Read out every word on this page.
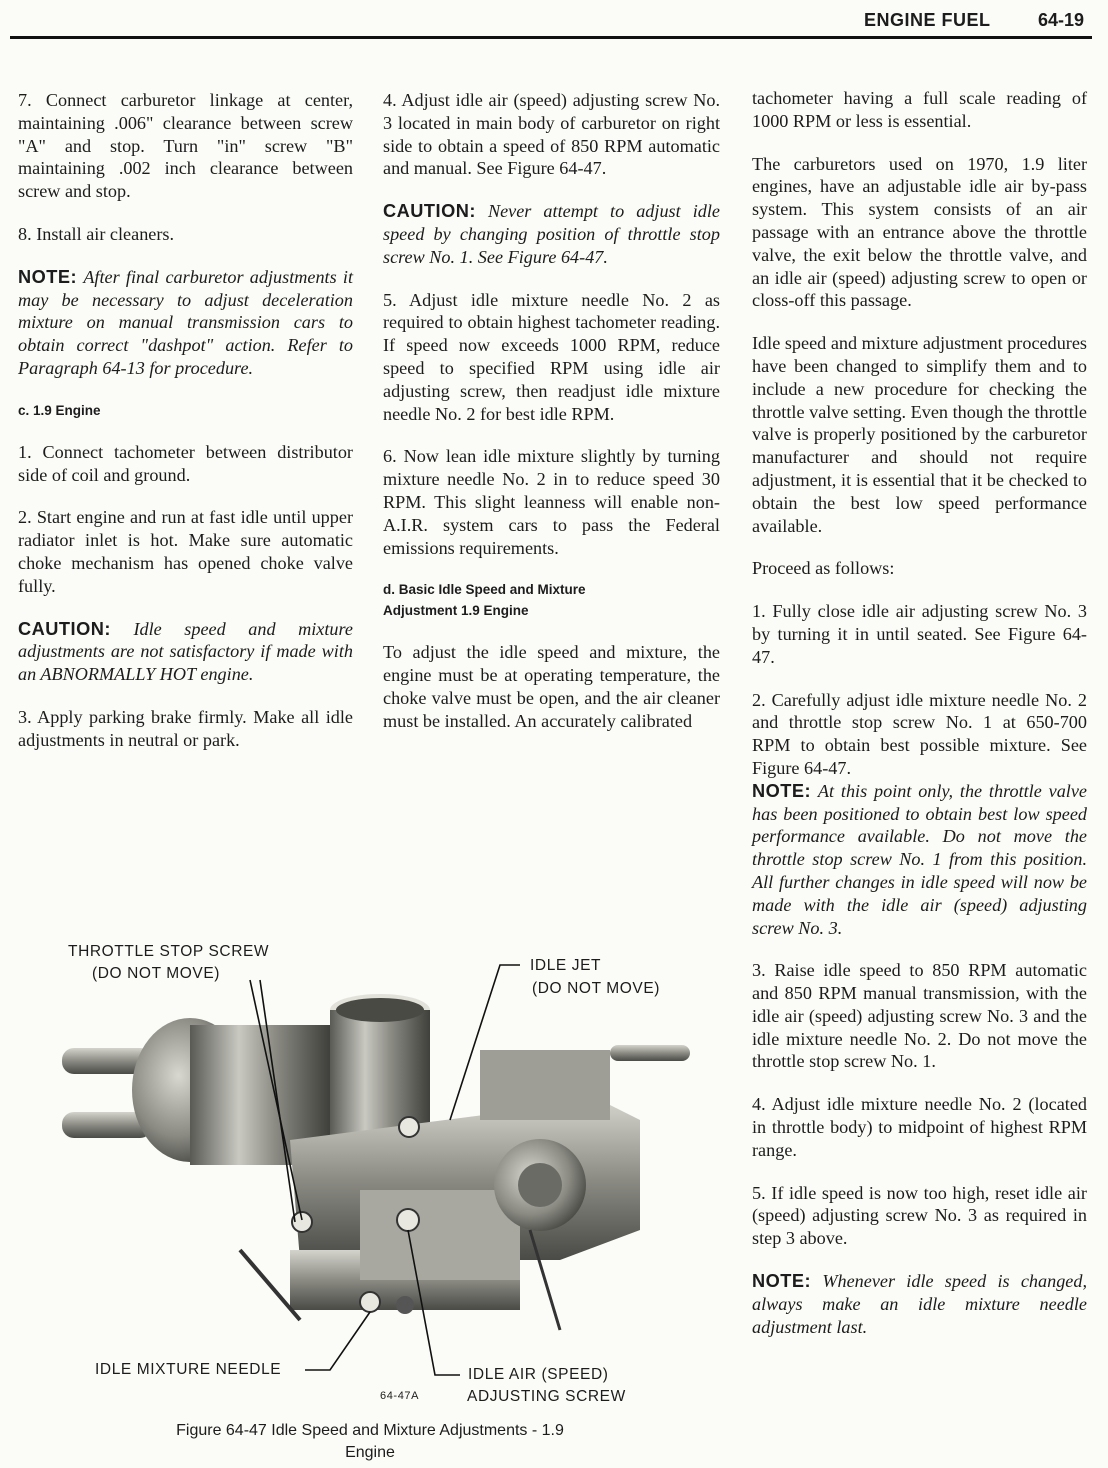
ENGINE FUEL	64-19

7. Connect carburetor linkage at center, maintaining .006" clearance between screw "A" and stop. Turn "in" screw "B" maintaining .002 inch clearance between screw and stop.

8. Install air cleaners.

NOTE: After final carburetor adjustments it may be necessary to adjust deceleration mixture on manual transmission cars to obtain correct "dashpot" action. Refer to Paragraph 64-13 for procedure.

c. 1.9 Engine

1. Connect tachometer between distributor side of coil and ground.

2. Start engine and run at fast idle until upper radiator inlet is hot. Make sure automatic choke mechanism has opened choke valve fully.

CAUTION: Idle speed and mixture adjustments are not satisfactory if made with an ABNORMALLY HOT engine.

3. Apply parking brake firmly. Make all idle adjustments in neutral or park.

4. Adjust idle air (speed) adjusting screw No. 3 located in main body of carburetor on right side to obtain a speed of 850 RPM automatic and manual. See Figure 64-47.

CAUTION: Never attempt to adjust idle speed by changing position of throttle stop screw No. 1. See Figure 64-47.

5. Adjust idle mixture needle No. 2 as required to obtain highest tachometer reading. If speed now exceeds 1000 RPM, reduce speed to specified RPM using idle air adjusting screw, then readjust idle mixture needle No. 2 for best idle RPM.

6. Now lean idle mixture slightly by turning mixture needle No. 2 in to reduce speed 30 RPM. This slight leanness will enable non-A.I.R. system cars to pass the Federal emissions requirements.

d. Basic Idle Speed and Mixture
Adjustment 1.9 Engine

To adjust the idle speed and mixture, the engine must be at operating temperature, the choke valve must be open, and the air cleaner must be installed. An accurately calibrated

tachometer having a full scale reading of 1000 RPM or less is essential.

The carburetors used on 1970, 1.9 liter engines, have an adjustable idle air by-pass system. This system consists of an air passage with an entrance above the throttle valve, the exit below the throttle valve, and an idle air (speed) adjusting screw to open or closs-off this passage.

Idle speed and mixture adjustment procedures have been changed to simplify them and to include a new procedure for checking the throttle valve setting. Even though the throttle valve is properly positioned by the carburetor manufacturer and should not require adjustment, it is essential that it be checked to obtain the best low speed performance available.

Proceed as follows:

1. Fully close idle air adjusting screw No. 3 by turning it in until seated. See Figure 64-47.

2. Carefully adjust idle mixture needle No. 2 and throttle stop screw No. 1 at 650-700 RPM to obtain best possible mixture. See Figure 64-47.

NOTE: At this point only, the throttle valve has been positioned to obtain best low speed performance available. Do not move the throttle stop screw No. 1 from this position. All further changes in idle speed will now be made with the idle air (speed) adjusting screw No. 3.

3. Raise idle speed to 850 RPM automatic and 850 RPM manual transmission, with the idle air (speed) adjusting screw No. 3 and the idle mixture needle No. 2. Do not move the throttle stop screw No. 1.

4. Adjust idle mixture needle No. 2 (located in throttle body) to midpoint of highest RPM range.

5. If idle speed is now too high, reset idle air (speed) adjusting screw No. 3 as required in step 3 above.

NOTE: Whenever idle speed is changed, always make an idle mixture needle adjustment last.

THROTTLE STOP SCREW
(DO NOT MOVE)	IDLE JET
(DO NOT MOVE)
IDLE MIXTURE NEEDLE	IDLE AIR (SPEED)
64-47A	ADJUSTING SCREW
Figure 64-47 Idle Speed and Mixture Adjustments - 1.9
Engine
